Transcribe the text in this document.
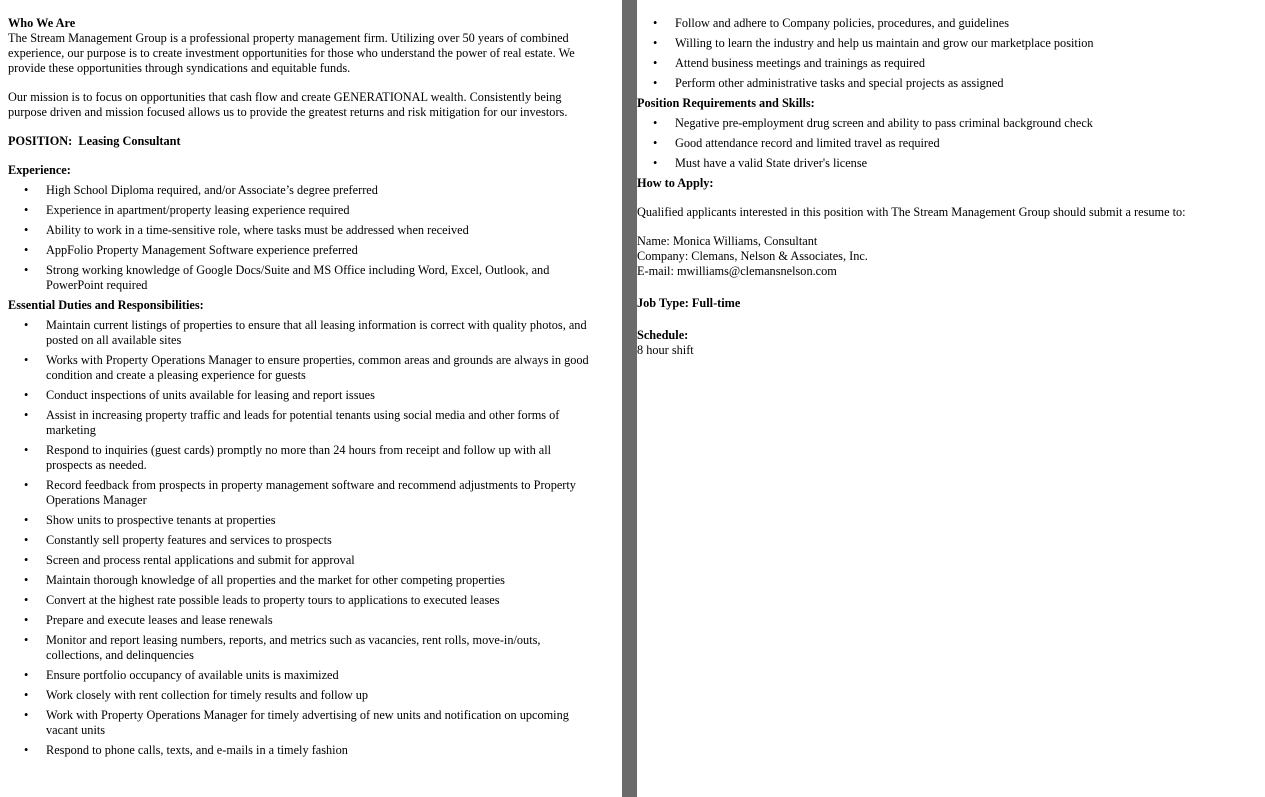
Who We Are

The Stream Management Group is a professional property management firm. Utilizing over 50 years of combined experience, our purpose is to create investment opportunities for those who understand the power of real estate. We provide these opportunities through syndications and equitable funds.

Our mission is to focus on opportunities that cash flow and create GENERATIONAL wealth. Consistently being purpose driven and mission focused allows us to provide the greatest returns and risk mitigation for our investors.

POSITION: Leasing Consultant

Experience:

• High School Diploma required, and/or Associate’s degree preferred
• Experience in apartment/property leasing experience required
• Ability to work in a time-sensitive role, where tasks must be addressed when received
• AppFolio Property Management Software experience preferred
• Strong working knowledge of Google Docs/Suite and MS Office including Word, Excel, Outlook, and PowerPoint required

Essential Duties and Responsibilities:

• Maintain current listings of properties to ensure that all leasing information is correct with quality photos, and posted on all available sites
• Works with Property Operations Manager to ensure properties, common areas and grounds are always in good condition and create a pleasing experience for guests
• Conduct inspections of units available for leasing and report issues
• Assist in increasing property traffic and leads for potential tenants using social media and other forms of marketing
• Respond to inquiries (guest cards) promptly no more than 24 hours from receipt and follow up with all prospects as needed.
• Record feedback from prospects in property management software and recommend adjustments to Property Operations Manager
• Show units to prospective tenants at properties
• Constantly sell property features and services to prospects
• Screen and process rental applications and submit for approval
• Maintain thorough knowledge of all properties and the market for other competing properties
• Convert at the highest rate possible leads to property tours to applications to executed leases
• Prepare and execute leases and lease renewals
• Monitor and report leasing numbers, reports, and metrics such as vacancies, rent rolls, move-in/outs, collections, and delinquencies
• Ensure portfolio occupancy of available units is maximized
• Work closely with rent collection for timely results and follow up
• Work with Property Operations Manager for timely advertising of new units and notification on upcoming vacant units
• Respond to phone calls, texts, and e-mails in a timely fashion
• Follow and adhere to Company policies, procedures, and guidelines
• Willing to learn the industry and help us maintain and grow our marketplace position
• Attend business meetings and trainings as required
• Perform other administrative tasks and special projects as assigned

Position Requirements and Skills:

• Negative pre-employment drug screen and ability to pass criminal background check
• Good attendance record and limited travel as required
• Must have a valid State driver's license

How to Apply:

Qualified applicants interested in this position with The Stream Management Group should submit a resume to:

Name: Monica Williams, Consultant

Company: Clemans, Nelson & Associates, Inc.

E-mail: mwilliams@clemansnelson.com

Job Type: Full-time

Schedule:

8 hour shift
